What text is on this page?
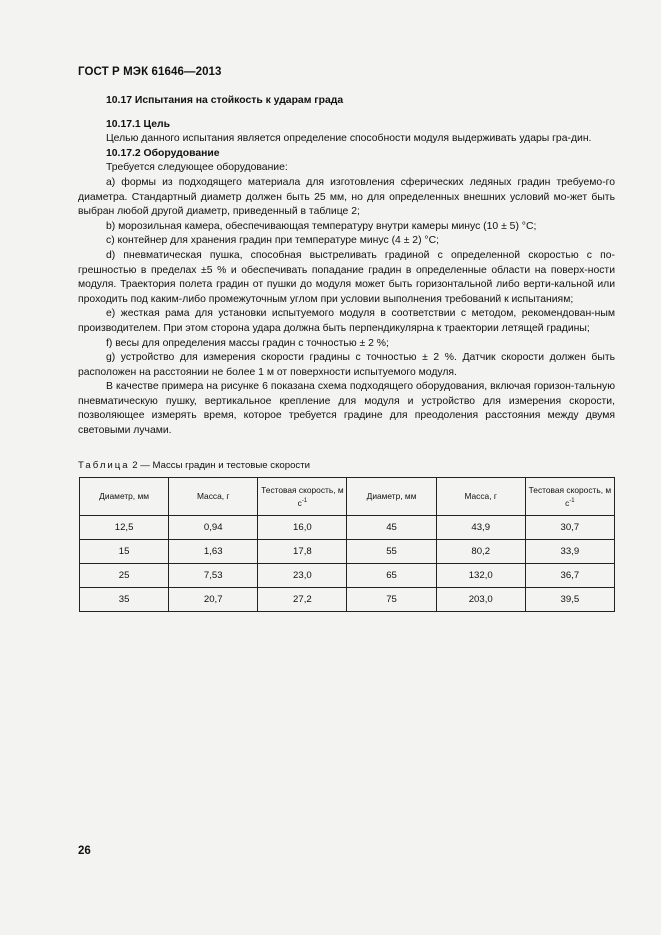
ГОСТ Р МЭК 61646—2013

10.17 Испытания на стойкость к ударам града

10.17.1 Цель

Целью данного испытания является определение способности модуля выдерживать удары гра-дин.

10.17.2 Оборудование

Требуется следующее оборудование:

a) формы из подходящего материала для изготовления сферических ледяных градин требуемо-го диаметра. Стандартный диаметр должен быть 25 мм, но для определенных внешних условий мо-жет быть выбран любой другой диаметр, приведенный в таблице 2;

b) морозильная камера, обеспечивающая температуру внутри камеры минус (10 ± 5) °С;

c) контейнер для хранения градин при температуре минус (4 ± 2) °С;

d) пневматическая пушка, способная выстреливать градиной с определенной скоростью с по-грешностью в пределах ±5 % и обеспечивать попадание градин в определенные области на поверх-ности модуля. Траектория полета градин от пушки до модуля может быть горизонтальной либо верти-кальной или проходить под каким-либо промежуточным углом при условии выполнения требований к испытаниям;

e) жесткая рама для установки испытуемого модуля в соответствии с методом, рекомендован-ным производителем. При этом сторона удара должна быть перпендикулярна к траектории летящей градины;

f) весы для определения массы градин с точностью ± 2 %;

g) устройство для измерения скорости градины с точностью ± 2 %. Датчик скорости должен быть расположен на расстоянии не более 1 м от поверхности испытуемого модуля.

В качестве примера на рисунке 6 показана схема подходящего оборудования, включая горизон-тальную пневматическую пушку, вертикальное крепление для модуля и устройство для измерения скорости, позволяющее измерять время, которое требуется градине для преодоления расстояния между двумя световыми лучами.

Таблица 2 — Массы градин и тестовые скорости
Диаметр, мм	Масса, г	Тестовая скорость, м $с^{-1}$	Диаметр, мм	Масса, г	Тестовая скорость, м $с^{-1}$
12,5	0,94	16,0	45	43,9	30,7
15	1,63	17,8	55	80,2	33,9
25	7,53	23,0	65	132,0	36,7
35	20,7	27,2	75	203,0	39,5
26
